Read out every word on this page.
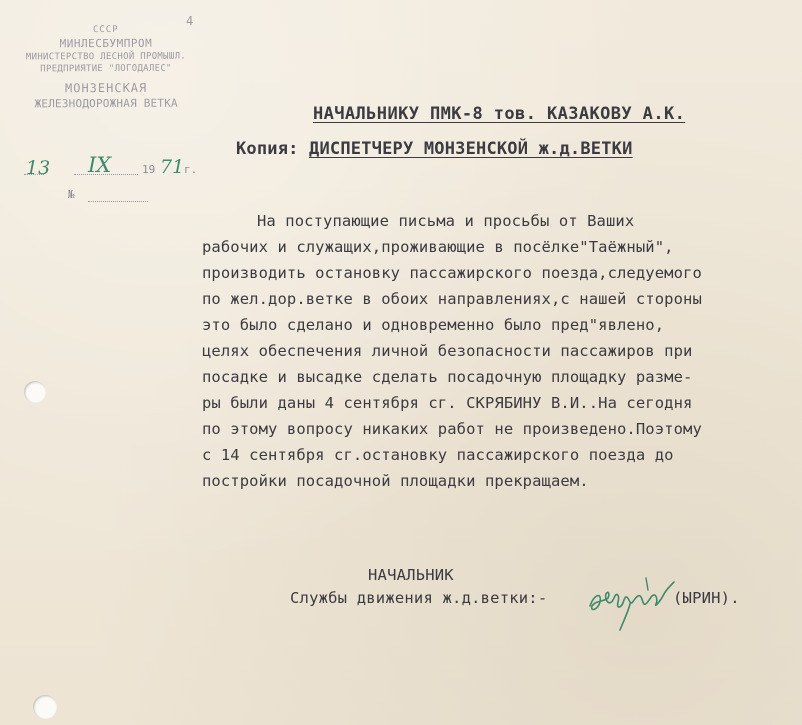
4
СССР
МИНЛЕСБУМПРОМ
МИНИСТЕРСТВО ЛЕСНОЙ ПРОМЫШЛ.
ПРЕДПРИЯТИЕ "ЛОГОДАЛЕС"
МОНЗЕНСКАЯ
ЖЕЛЕЗНОДОРОЖНАЯ ВЕТКА
13 IX	19 71 г.
№
НАЧАЛЬНИКУ ПМК-8 тов. КАЗАКОВУ А.К.
Копия: ДИСПЕТЧЕРУ МОНЗЕНСКОЙ ж.д.ВЕТКИ
На поступающие письма и просьбы от Ваших
рабочих и служащих,проживающие в посёлке"Таёжный",
производить остановку пассажирского поезда,следуемого
по жел.дор.ветке в обоих направлениях,с нашей стороны
это было сделано и одновременно было пред"явлено,
целях обеспечения личной безопасности пассажиров при
посадке и высадке сделать посадочную площадку разме-
ры были даны 4 сентября сг. СКРЯБИНУ В.И..На сегодня
по этому вопросу никаких работ не произведено.Поэтому
с 14 сентября сг.остановку пассажирского поезда до
постройки посадочной площадки прекращаем.
НАЧАЛЬНИК
Службы движения ж.д.ветки:-	(ЫРИН).
